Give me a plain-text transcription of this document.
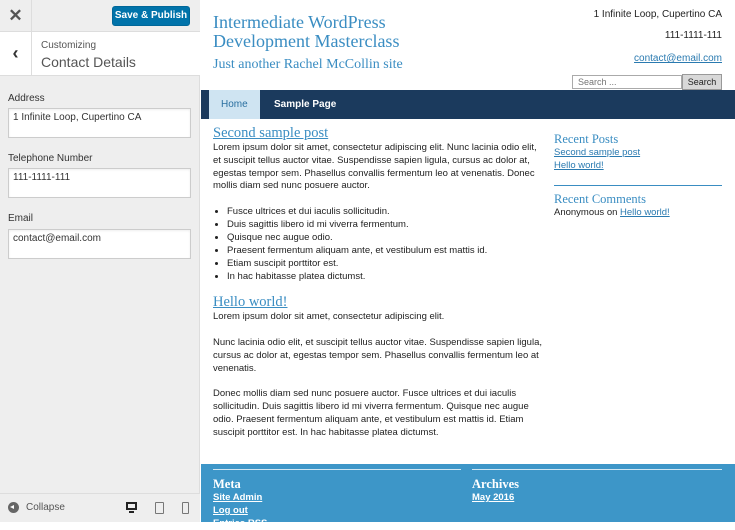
✕	Save & Publish
‹	Customizing
Contact Details
Address
1 Infinite Loop, Cupertino CA
Telephone Number
111-1111-111
Email
contact@email.com
Collapse
Intermediate WordPress Development Masterclass
Just another Rachel McCollin site
1 Infinite Loop, Cupertino CA
111-1111-111
contact@email.com
Search ...
Search
Home	Sample Page
Second sample post

Lorem ipsum dolor sit amet, consectetur adipiscing elit. Nunc lacinia odio elit, et suscipit tellus auctor vitae. Suspendisse sapien ligula, cursus ac dolor at, egestas tempor sem. Phasellus convallis fermentum leo at venenatis. Donec mollis diam sed nunc posuere auctor.

• Fusce ultrices et dui iaculis sollicitudin.
• Duis sagittis libero id mi viverra fermentum.
• Quisque nec augue odio.
• Praesent fermentum aliquam ante, et vestibulum est mattis id.
• Etiam suscipit porttitor est.
• In hac habitasse platea dictumst.
Hello world!

Lorem ipsum dolor sit amet, consectetur adipiscing elit.

Nunc lacinia odio elit, et suscipit tellus auctor vitae. Suspendisse sapien ligula, cursus ac dolor at, egestas tempor sem. Phasellus convallis fermentum leo at venenatis.

Donec mollis diam sed nunc posuere auctor. Fusce ultrices et dui iaculis sollicitudin. Duis sagittis libero id mi viverra fermentum. Quisque nec augue odio. Praesent fermentum aliquam ante, et vestibulum est mattis id. Etiam suscipit porttitor est. In hac habitasse platea dictumst.

Recent Posts
Second sample post
Hello world!
Recent Comments
Anonymous on Hello world!
Meta
Site Admin
Log out
Entries RSS
Archives
May 2016
